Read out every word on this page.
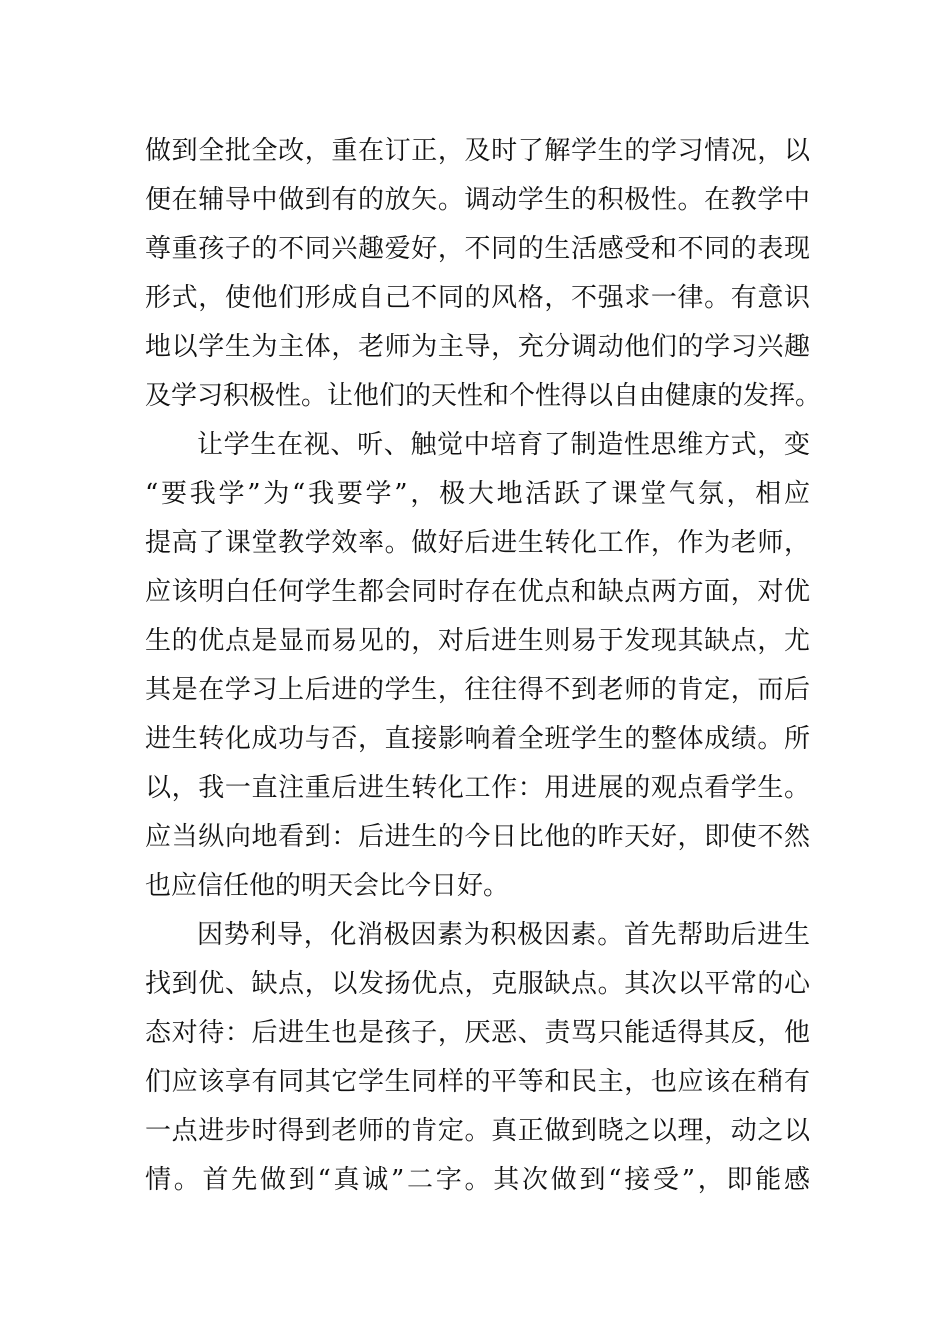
做到全批全改，重在订正，及时了解学生的学习情况，以
便在辅导中做到有的放矢。调动学生的积极性。在教学中
尊重孩子的不同兴趣爱好，不同的生活感受和不同的表现
形式，使他们形成自己不同的风格，不强求一律。有意识
地以学生为主体，老师为主导，充分调动他们的学习兴趣
及学习积极性。让他们的天性和个性得以自由健康的发挥。
让学生在视、听、触觉中培育了制造性思维方式，变
“要我学”为“我要学”，极大地活跃了课堂气氛，相应
提高了课堂教学效率。做好后进生转化工作，作为老师，
应该明白任何学生都会同时存在优点和缺点两方面，对优
生的优点是显而易见的，对后进生则易于发现其缺点，尤
其是在学习上后进的学生，往往得不到老师的肯定，而后
进生转化成功与否，直接影响着全班学生的整体成绩。所
以，我一直注重后进生转化工作：用进展的观点看学生。
应当纵向地看到：后进生的今日比他的昨天好，即使不然
也应信任他的明天会比今日好。
因势利导，化消极因素为积极因素。首先帮助后进生
找到优、缺点，以发扬优点，克服缺点。其次以平常的心
态对待：后进生也是孩子，厌恶、责骂只能适得其反，他
们应该享有同其它学生同样的平等和民主，也应该在稍有
一点进步时得到老师的肯定。真正做到晓之以理，动之以
情。首先做到“真诚”二字。其次做到“接受”，即能感
